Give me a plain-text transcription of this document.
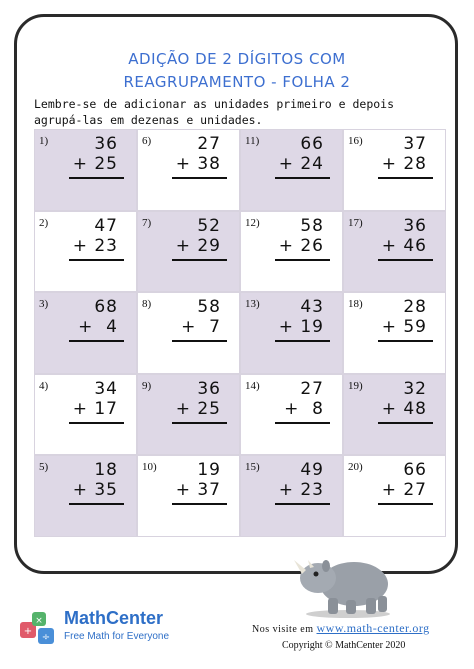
ADIÇÃO DE 2 DÍGITOS COM
REAGRUPAMENTO - FOLHA 2
Lembre-se de adicionar as unidades primeiro e depois agrupá-las em dezenas e unidades.
1)	36
+ 25
6)	27
+ 38
11) 66
+ 24
16) 37
+ 28
2)	47
+ 23
7)	52
+ 29
12) 58
+ 26
17) 36
+ 46
3)	68
+  4
8)	58
+  7
13) 43
+ 19
18) 28
+ 59
4)	34
+ 17
9)	36
+ 25
14) 27
+  8
19) 32
+ 48
5)	18
+ 35
10) 19
+ 37
15) 49
+ 23
20) 66
+ 27
+
×
÷
MathCenter
Free Math for Everyone
Nos visite em www.math-center.org
Copyright © MathCenter 2020
